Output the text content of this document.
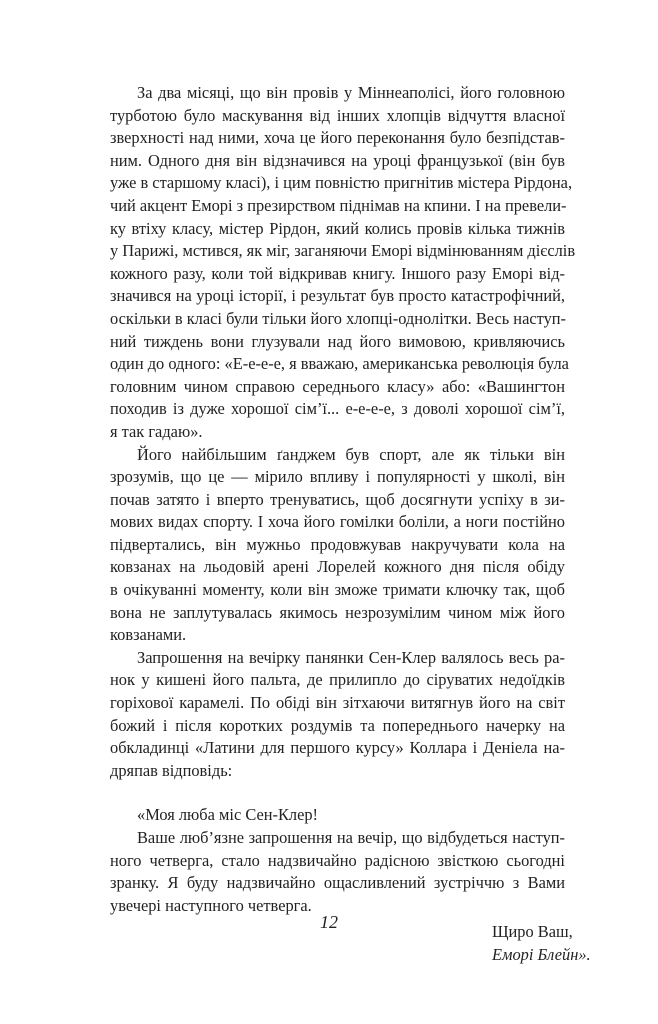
За два місяці, що він провів у Міннеаполісі, його головною
турботою було маскування від інших хлопців відчуття власної
зверхності над ними, хоча це його переконання було безпідстав-
ним. Одного дня він відзначився на уроці французької (він був
уже в старшому класі), і цим повністю пригнітив містера Рірдона,
чий акцент Еморі з презирством піднімав на кпини. І на превели-
ку втіху класу, містер Рірдон, який колись провів кілька тижнів
у Парижі, мстився, як міг, заганяючи Еморі відмінюванням дієслів
кожного разу, коли той відкривав книгу. Іншого разу Еморі від-
значився на уроці історії, і результат був просто катастрофічний,
оскільки в класі були тільки його хлопці-однолітки. Весь наступ-
ний тиждень вони глузували над його вимовою, кривляючись
один до одного: «Е-е-е-е, я вважаю, американська революція була
головним чином справою середнього класу» або: «Вашингтон
походив із дуже хорошої сім’ї... е-е-е-е, з доволі хорошої сім’ї,
я так гадаю».
Його найбільшим ґанджем був спорт, але як тільки він
зрозумів, що це — мірило впливу і популярності у школі, він
почав затято і вперто тренуватись, щоб досягнути успіху в зи-
мових видах спорту. І хоча його гомілки боліли, а ноги постійно
підвертались, він мужньо продовжував накручувати кола на
ковзанах на льодовій арені Лорелей кожного дня після обіду
в очікуванні моменту, коли він зможе тримати ключку так, щоб
вона не заплутувалась якимось незрозумілим чином між його
ковзанами.
Запрошення на вечірку панянки Сен-Клер валялось весь ра-
нок у кишені його пальта, де прилипло до сіруватих недоїдків
горіхової карамелі. По обіді він зітхаючи витягнув його на світ
божий і після коротких роздумів та попереднього начерку на
обкладинці «Латини для першого курсу» Коллара і Деніела на-
дряпав відповідь:
«Моя люба міс Сен-Клер!
Ваше люб’язне запрошення на вечір, що відбудеться наступ-
ного четверга, стало надзвичайно радісною звісткою сьогодні
зранку. Я буду надзвичайно ощасливлений зустріччю з Вами
увечері наступного четверга.
Щиро Ваш,
Еморі Блейн».
12
